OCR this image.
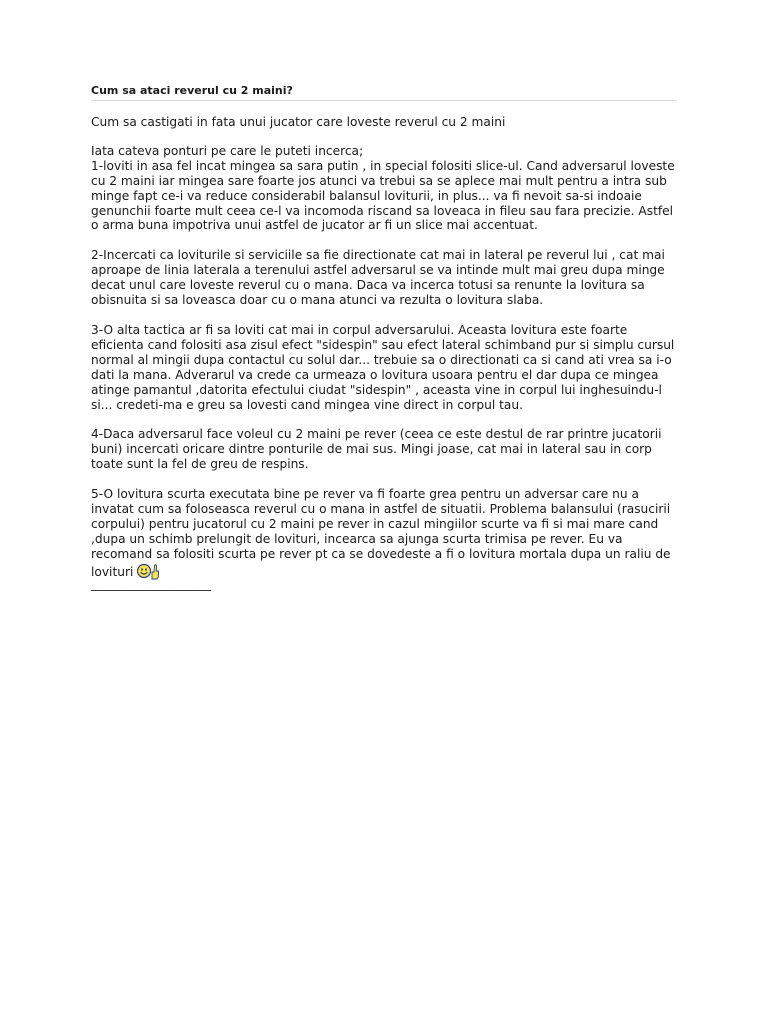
Cum sa ataci reverul cu 2 maini?

Cum sa castigati in fata unui jucator care loveste reverul cu 2 maini

Iata cateva ponturi pe care le puteti incerca;

1-loviti in asa fel incat mingea sa sara putin , in special folositi slice-ul. Cand adversarul loveste cu 2 maini iar mingea sare foarte jos atunci va trebui sa se aplece mai mult pentru a intra sub minge fapt ce-i va reduce considerabil balansul loviturii, in plus... va fi nevoit sa-si indoaie genunchii foarte mult ceea ce-l va incomoda riscand sa loveaca in fileu sau fara precizie. Astfel o arma buna impotriva unui astfel de jucator ar fi un slice mai accentuat.

2-Incercati ca loviturile si serviciile sa fie directionate cat mai in lateral pe reverul lui , cat mai aproape de linia laterala a terenului astfel adversarul se va intinde mult mai greu dupa minge decat unul care loveste reverul cu o mana. Daca va incerca totusi sa renunte la lovitura sa obisnuita si sa loveasca doar cu o mana atunci va rezulta o lovitura slaba.

3-O alta tactica ar fi sa loviti cat mai in corpul adversarului. Aceasta lovitura este foarte eficienta cand folositi asa zisul efect "sidespin" sau efect lateral schimband pur si simplu cursul normal al mingii dupa contactul cu solul dar... trebuie sa o directionati ca si cand ati vrea sa i-o dati la mana. Adverarul va crede ca urmeaza o lovitura usoara pentru el dar dupa ce mingea atinge pamantul ,datorita efectului ciudat "sidespin" , aceasta vine in corpul lui inghesuindu-l si... credeti-ma e greu sa lovesti cand mingea vine direct in corpul tau.

4-Daca adversarul face voleul cu 2 maini pe rever (ceea ce este destul de rar printre jucatorii buni) incercati oricare dintre ponturile de mai sus. Mingi joase, cat mai in lateral sau in corp toate sunt la fel de greu de respins.

5-O lovitura scurta executata bine pe rever va fi foarte grea pentru un adversar care nu a invatat cum sa foloseasca reverul cu o mana in astfel de situatii. Problema balansului (rasucirii corpului) pentru jucatorul cu 2 maini pe rever in cazul mingiilor scurte va fi si mai mare cand ,dupa un schimb prelungit de lovituri, incearca sa ajunga scurta trimisa pe rever. Eu va recomand sa folositi scurta pe rever pt ca se dovedeste a fi o lovitura mortala dupa un raliu de lovituri

____________________
